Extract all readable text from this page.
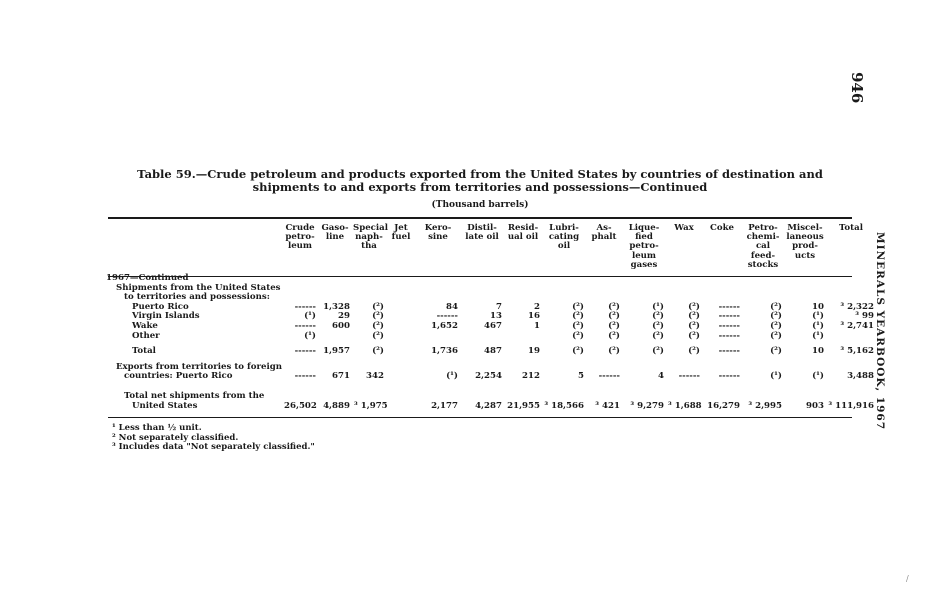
946
MINERALS YEARBOOK, 1967
Table 59.—Crude petroleum and products exported from the United States by countries of destination and shipments to and exports from territories and possessions—Continued
(Thousand barrels)
	Crude petro-leum	Gaso-line	Special naph-tha	Jet fuel	Kero-sine	Distil-late oil	Resid-ual oil	Lubri-cating oil	As-phalt	Lique-fied petro-leum gases	Wax	Coke	Petro-chemi-cal feed-stocks	Miscel-laneous prod-ucts	Total
1967—Continued															
Shipments from the United States															
to territories and possessions:															
Puerto Rico	------	1,328	(²)		84	7	2	(²)	(²)	(¹)	(²)	------	(²)	10	³ 2,322
Virgin Islands	(¹)	29	(²)		------	13	16	(²)	(²)	(²)	(²)	------	(²)	(¹)	³ 99
Wake	------	600	(²)		1,652	467	1	(²)	(²)	(²)	(²)	------	(²)	(¹)	³ 2,741
Other	(¹)		(²)					(²)	(²)	(²)	(²)	------	(²)	(¹)	

Total	------	1,957	(²)		1,736	487	19	(²)	(²)	(²)	(²)	------	(²)	10	³ 5,162

Exports from territories to foreign															
countries: Puerto Rico	------	671	342		(¹)	2,254	212	5	------	4	------	------	(¹)	(¹)	3,488

Total net shipments from the															
United States	26,502	4,889	³ 1,975		2,177	4,287	21,955	³ 18,566	³ 421	³ 9,279	³ 1,688	16,279	³ 2,995	903	³ 111,916
¹ Less than ½ unit.
² Not separately classified.
³ Includes data "Not separately classified."
/
